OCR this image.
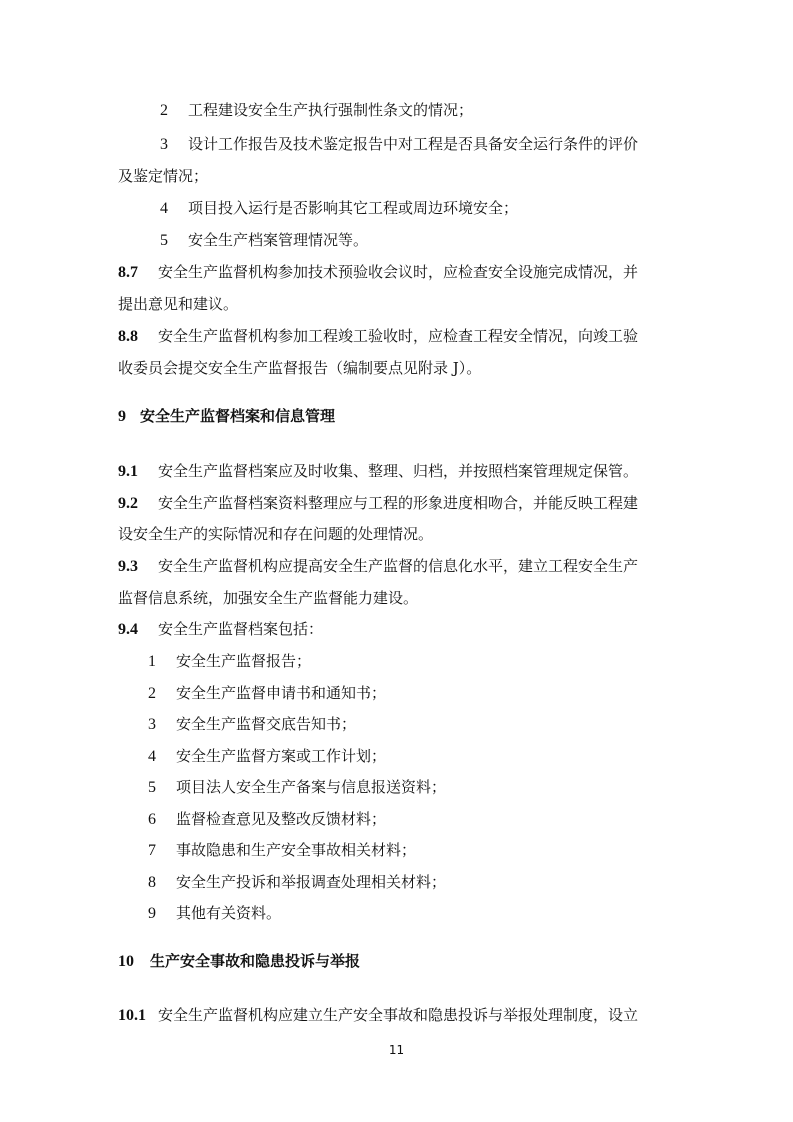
2 工程建设安全生产执行强制性条文的情况；
3 设计工作报告及技术鉴定报告中对工程是否具备安全运行条件的评价
及鉴定情况；
4 项目投入运行是否影响其它工程或周边环境安全；
5 安全生产档案管理情况等。
8.7 安全生产监督机构参加技术预验收会议时，应检查安全设施完成情况，并
提出意见和建议。
8.8 安全生产监督机构参加工程竣工验收时，应检查工程安全情况，向竣工验
收委员会提交安全生产监督报告（编制要点见附录 J）。
9 安全生产监督档案和信息管理
9.1 安全生产监督档案应及时收集、整理、归档，并按照档案管理规定保管。
9.2 安全生产监督档案资料整理应与工程的形象进度相吻合，并能反映工程建
设安全生产的实际情况和存在问题的处理情况。
9.3 安全生产监督机构应提高安全生产监督的信息化水平，建立工程安全生产
监督信息系统，加强安全生产监督能力建设。
9.4 安全生产监督档案包括：
1 安全生产监督报告；
2 安全生产监督申请书和通知书；
3 安全生产监督交底告知书；
4 安全生产监督方案或工作计划；
5 项目法人安全生产备案与信息报送资料；
6 监督检查意见及整改反馈材料；
7 事故隐患和生产安全事故相关材料；
8 安全生产投诉和举报调查处理相关材料；
9 其他有关资料。
10 生产安全事故和隐患投诉与举报
10.1 安全生产监督机构应建立生产安全事故和隐患投诉与举报处理制度，设立
11
